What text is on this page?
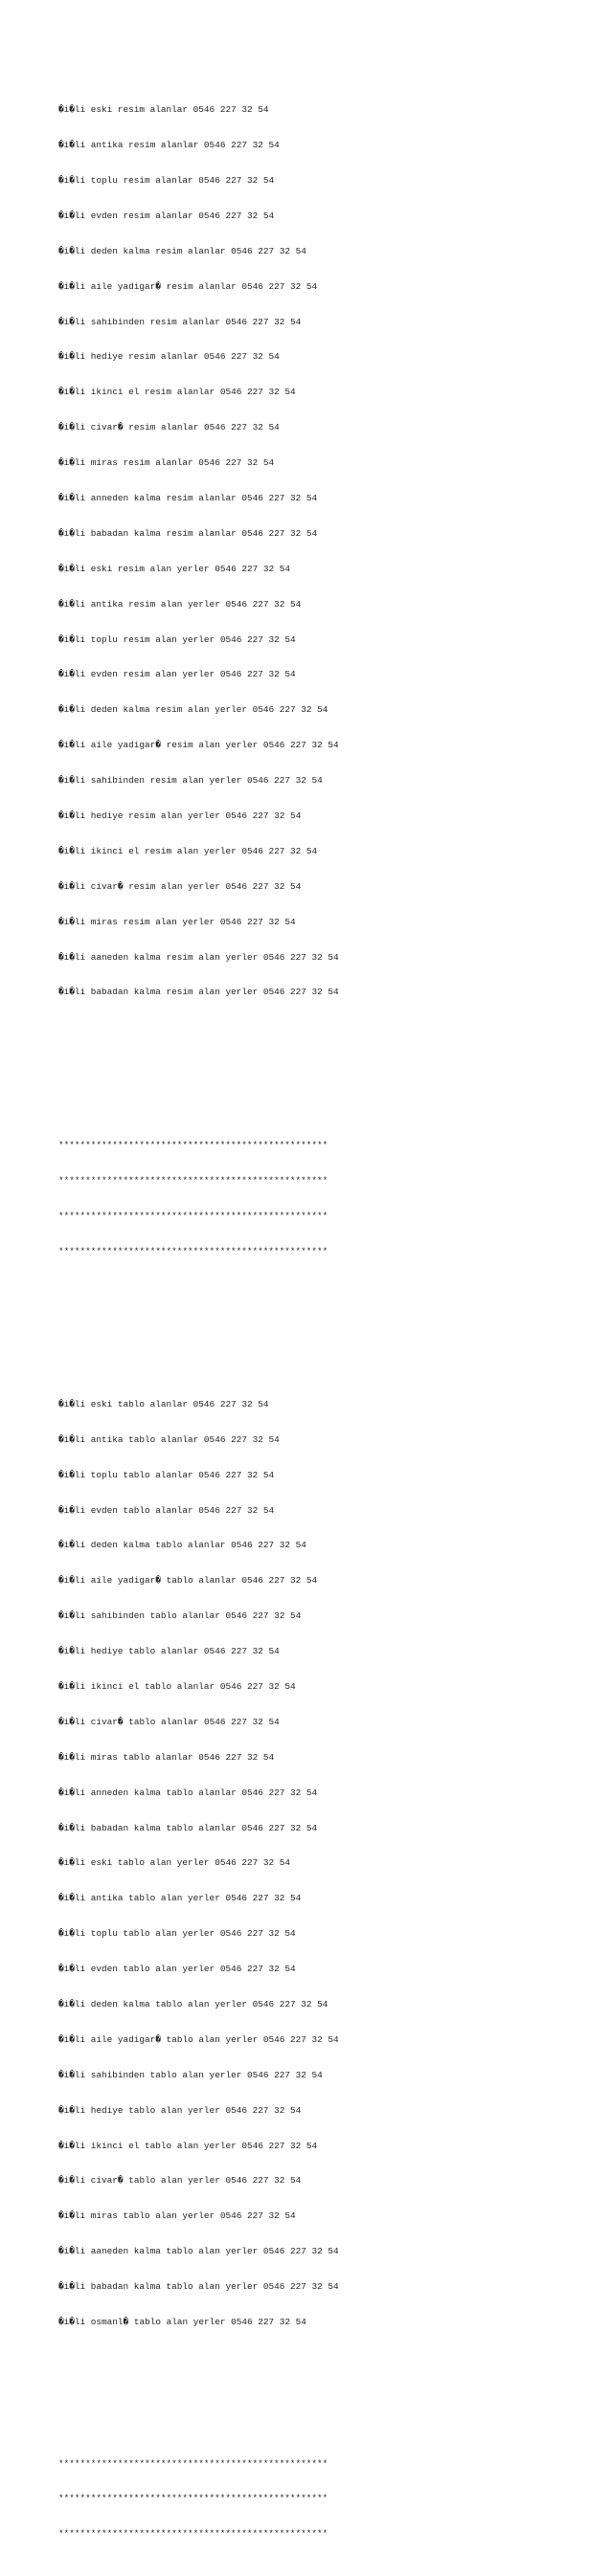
�i�li eski resim alanlar 0546 227 32 54

�i�li antika resim alanlar 0546 227 32 54

�i�li toplu resim alanlar 0546 227 32 54

�i�li evden resim alanlar 0546 227 32 54

�i�li deden kalma resim alanlar 0546 227 32 54

�i�li aile yadigar� resim alanlar 0546 227 32 54

�i�li sahibinden resim alanlar 0546 227 32 54

�i�li hediye resim alanlar 0546 227 32 54

�i�li ikinci el resim alanlar 0546 227 32 54

�i�li civar� resim alanlar 0546 227 32 54

�i�li miras resim alanlar 0546 227 32 54

�i�li anneden kalma resim alanlar 0546 227 32 54

�i�li babadan kalma resim alanlar 0546 227 32 54

�i�li eski resim alan yerler 0546 227 32 54

�i�li antika resim alan yerler 0546 227 32 54

�i�li toplu resim alan yerler 0546 227 32 54

�i�li evden resim alan yerler 0546 227 32 54

�i�li deden kalma resim alan yerler 0546 227 32 54

�i�li aile yadigar� resim alan yerler 0546 227 32 54

�i�li sahibinden resim alan yerler 0546 227 32 54

�i�li hediye resim alan yerler 0546 227 32 54

�i�li ikinci el resim alan yerler 0546 227 32 54

�i�li civar� resim alan yerler 0546 227 32 54

�i�li miras resim alan yerler 0546 227 32 54

�i�li aaneden kalma resim alan yerler 0546 227 32 54

�i�li babadan kalma resim alan yerler 0546 227 32 54

**************************************************

**************************************************

**************************************************

**************************************************

�i�li eski tablo alanlar 0546 227 32 54

�i�li antika tablo alanlar 0546 227 32 54

�i�li toplu tablo alanlar 0546 227 32 54

�i�li evden tablo alanlar 0546 227 32 54

�i�li deden kalma tablo alanlar 0546 227 32 54

�i�li aile yadigar� tablo alanlar 0546 227 32 54

�i�li sahibinden tablo alanlar 0546 227 32 54

�i�li hediye tablo alanlar 0546 227 32 54

�i�li ikinci el tablo alanlar 0546 227 32 54

�i�li civar� tablo alanlar 0546 227 32 54

�i�li miras tablo alanlar 0546 227 32 54

�i�li anneden kalma tablo alanlar 0546 227 32 54

�i�li babadan kalma tablo alanlar 0546 227 32 54

�i�li eski tablo alan yerler 0546 227 32 54

�i�li antika tablo alan yerler 0546 227 32 54

�i�li toplu tablo alan yerler 0546 227 32 54

�i�li evden tablo alan yerler 0546 227 32 54

�i�li deden kalma tablo alan yerler 0546 227 32 54

�i�li aile yadigar� tablo alan yerler 0546 227 32 54

�i�li sahibinden tablo alan yerler 0546 227 32 54

�i�li hediye tablo alan yerler 0546 227 32 54

�i�li ikinci el tablo alan yerler 0546 227 32 54

�i�li civar� tablo alan yerler 0546 227 32 54

�i�li miras tablo alan yerler 0546 227 32 54

�i�li aaneden kalma tablo alan yerler 0546 227 32 54

�i�li babadan kalma tablo alan yerler 0546 227 32 54

�i�li osmanl� tablo alan yerler 0546 227 32 54

**************************************************

**************************************************

**************************************************
